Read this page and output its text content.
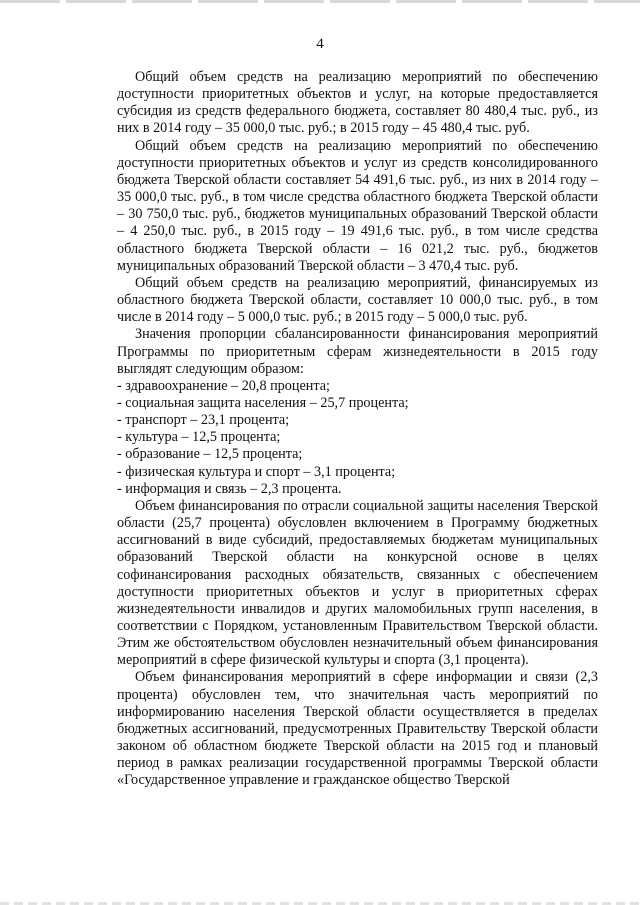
4

Общий объем средств на реализацию мероприятий по обеспечению доступности приоритетных объектов и услуг, на которые предоставляется субсидия из средств федерального бюджета, составляет 80 480,4 тыс. руб., из них в 2014 году – 35 000,0 тыс. руб.; в 2015 году – 45 480,4 тыс. руб.

Общий объем средств на реализацию мероприятий по обеспечению доступности приоритетных объектов и услуг из средств консолидированного бюджета Тверской области составляет 54 491,6 тыс. руб., из них в 2014 году – 35 000,0 тыс. руб., в том числе средства областного бюджета Тверской области – 30 750,0 тыс. руб., бюджетов муниципальных образований Тверской области – 4 250,0 тыс. руб., в 2015 году – 19 491,6 тыс. руб., в том числе средства областного бюджета Тверской области – 16 021,2 тыс. руб., бюджетов муниципальных образований Тверской области – 3 470,4 тыс. руб.

Общий объем средств на реализацию мероприятий, финансируемых из областного бюджета Тверской области, составляет 10 000,0 тыс. руб., в том числе в 2014 году – 5 000,0 тыс. руб.; в 2015 году – 5 000,0 тыс. руб.

Значения пропорции сбалансированности финансирования мероприятий Программы по приоритетным сферам жизнедеятельности в 2015 году выглядят следующим образом:

- здравоохранение – 20,8 процента;
- социальная защита населения – 25,7 процента;
- транспорт – 23,1 процента;
- культура – 12,5 процента;
- образование – 12,5 процента;
- физическая культура и спорт – 3,1 процента;
- информация и связь – 2,3 процента.

Объем финансирования по отрасли социальной защиты населения Тверской области (25,7 процента) обусловлен включением в Программу бюджетных ассигнований в виде субсидий, предоставляемых бюджетам муниципальных образований Тверской области на конкурсной основе в целях софинансирования расходных обязательств, связанных с обеспечением доступности приоритетных объектов и услуг в приоритетных сферах жизнедеятельности инвалидов и других маломобильных групп населения, в соответствии с Порядком, установленным Правительством Тверской области. Этим же обстоятельством обусловлен незначительный объем финансирования мероприятий в сфере физической культуры и спорта (3,1 процента).

Объем финансирования мероприятий в сфере информации и связи (2,3 процента) обусловлен тем, что значительная часть мероприятий по информированию населения Тверской области осуществляется в пределах бюджетных ассигнований, предусмотренных Правительству Тверской области законом об областном бюджете Тверской области на 2015 год и плановый период в рамках реализации государственной программы Тверской области «Государственное управление и гражданское общество Тверской
